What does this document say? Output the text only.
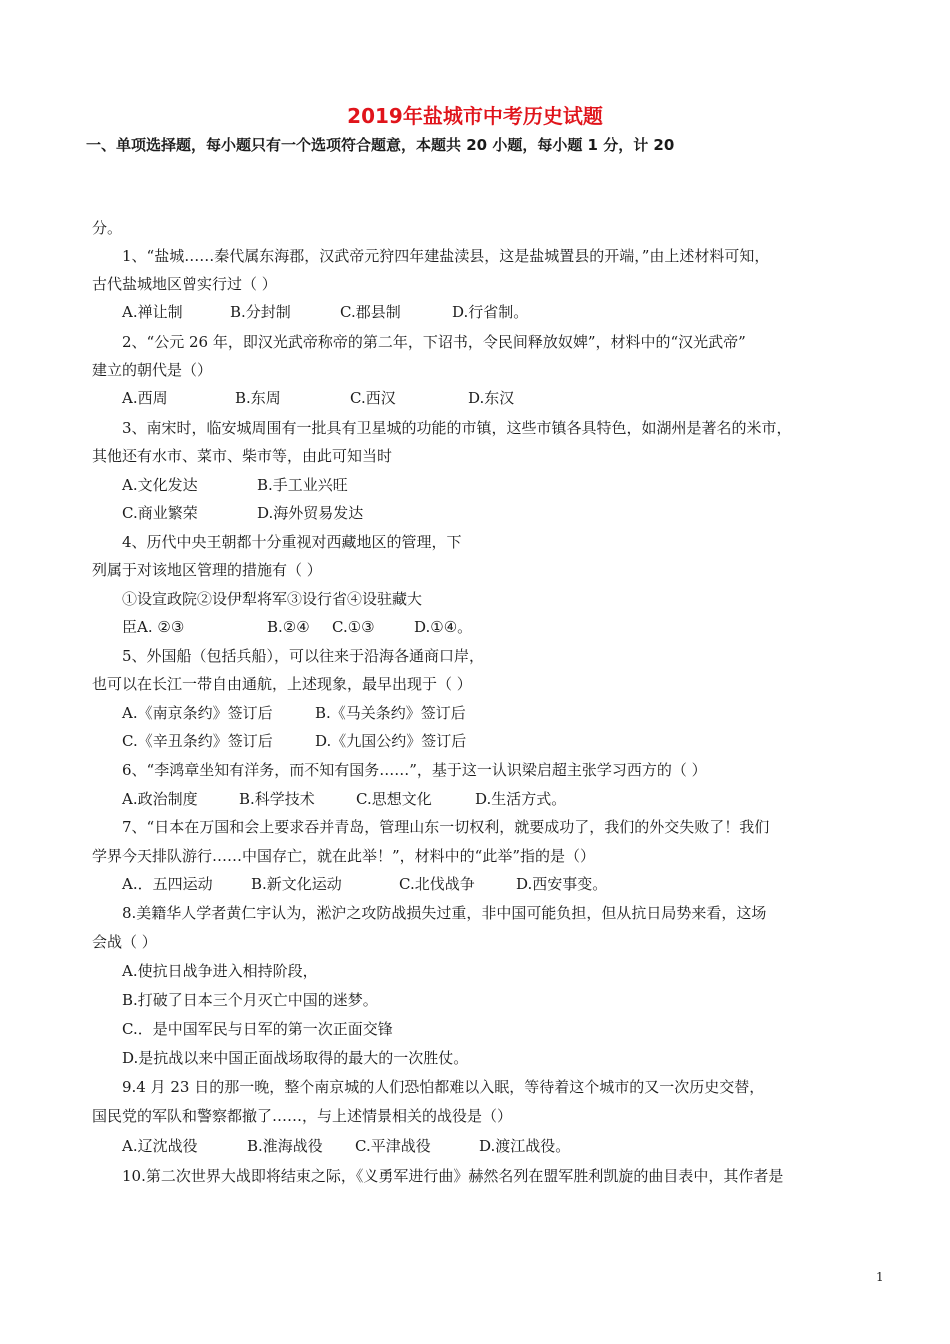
2019年盐城市中考历史试题
一、单项选择题，每小题只有一个选项符合题意，本题共 20 小题，每小题 1 分，计 20
分。
1、“盐城……秦代属东海郡，汉武帝元狩四年建盐渎县，这是盐城置县的开端，”由上述材料可知，
古代盐城地区曾实行过（ ）
A.禅让制	B.分封制	C.郡县制	D.行省制。
2、“公元 26 年，即汉光武帝称帝的第二年，下诏书，令民间释放奴婢”，材料中的“汉光武帝”
建立的朝代是（）
A.西周	B.东周	C.西汉	D.东汉
3、南宋时，临安城周围有一批具有卫星城的功能的市镇，这些市镇各具特色，如湖州是著名的米市，
其他还有水市、菜市、柴市等，由此可知当时
A.文化发达	B.手工业兴旺
C.商业繁荣	D.海外贸易发达
4、历代中央王朝都十分重视对西藏地区的管理，下
列属于对该地区管理的措施有（ ）
①设宣政院②设伊犁将军③设行省④设驻藏大
臣A. ②③	B.②④ C.①③	D.①④。
5、外国船（包括兵船），可以往来于沿海各通商口岸，
也可以在长江一带自由通航，上述现象，最早出现于（ ）
A.《南京条约》签订后	B.《马关条约》签订后
C.《辛丑条约》签订后	D.《九国公约》签订后
6、“李鸿章坐知有洋务，而不知有国务……”，基于这一认识梁启超主张学习西方的（ ）
A.政治制度	B.科学技术	C.思想文化	D.生活方式。
7、“日本在万国和会上要求吞并青岛，管理山东一切权利，就要成功了，我们的外交失败了！我们
学界今天排队游行……中国存亡，就在此举！”，材料中的“此举”指的是（）
A.．五四运动	B.新文化运动	C.北伐战争	D.西安事变。
8.美籍华人学者黄仁宇认为，淞沪之攻防战损失过重，非中国可能负担，但从抗日局势来看，这场
会战（ ）
A.使抗日战争进入相持阶段，
B.打破了日本三个月灭亡中国的迷梦。
C.．是中国军民与日军的第一次正面交锋
D.是抗战以来中国正面战场取得的最大的一次胜仗。
9.4 月 23 日的那一晚，整个南京城的人们恐怕都难以入眠，等待着这个城市的又一次历史交替，
国民党的军队和警察都撤了……，与上述情景相关的战役是（）
A.辽沈战役	B.淮海战役 C.平津战役	D.渡江战役。
10.第二次世界大战即将结束之际，《义勇军进行曲》赫然名列在盟军胜利凯旋的曲目表中，其作者是
1
